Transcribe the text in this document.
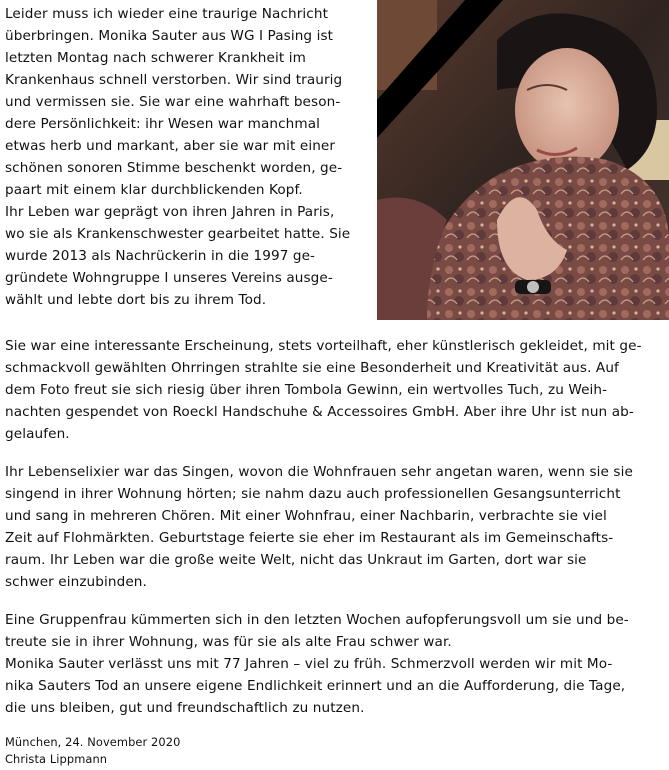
Leider muss ich wieder eine traurige Nachricht
überbringen. Monika Sauter aus WG I Pasing ist
letzten Montag nach schwerer Krankheit im
Krankenhaus schnell verstorben. Wir sind traurig
und vermissen sie. Sie war eine wahrhaft beson-
dere Persönlichkeit: ihr Wesen war manchmal
etwas herb und markant, aber sie war mit einer
schönen sonoren Stimme beschenkt worden, ge-
paart mit einem klar durchblickenden Kopf.
Ihr Leben war geprägt von ihren Jahren in Paris,
wo sie als Krankenschwester gearbeitet hatte. Sie
wurde 2013 als Nachrückerin in die 1997 ge-
gründete Wohngruppe I unseres Vereins ausge-
wählt und lebte dort bis zu ihrem Tod.
Sie war eine interessante Erscheinung, stets vorteilhaft, eher künstlerisch gekleidet, mit ge-
schmackvoll gewählten Ohrringen strahlte sie eine Besonderheit und Kreativität aus. Auf
dem Foto freut sie sich riesig über ihren Tombola Gewinn, ein wertvolles Tuch, zu Weih-
nachten gespendet von Roeckl Handschuhe & Accessoires GmbH. Aber ihre Uhr ist nun ab-
gelaufen.
Ihr Lebenselixier war das Singen, wovon die Wohnfrauen sehr angetan waren, wenn sie sie
singend in ihrer Wohnung hörten; sie nahm dazu auch professionellen Gesangsunterricht
und sang in mehreren Chören. Mit einer Wohnfrau, einer Nachbarin, verbrachte sie viel
Zeit auf Flohmärkten. Geburtstage feierte sie eher im Restaurant als im Gemeinschafts-
raum. Ihr Leben war die große weite Welt, nicht das Unkraut im Garten, dort war sie
schwer einzubinden.
Eine Gruppenfrau kümmerten sich in den letzten Wochen aufopferungsvoll um sie und be-
treute sie in ihrer Wohnung, was für sie als alte Frau schwer war.
Monika Sauter verlässt uns mit 77 Jahren – viel zu früh. Schmerzvoll werden wir mit Mo-
nika Sauters Tod an unsere eigene Endlichkeit erinnert und an die Aufforderung, die Tage,
die uns bleiben, gut und freundschaftlich zu nutzen.
München, 24. November 2020
Christa Lippmann
